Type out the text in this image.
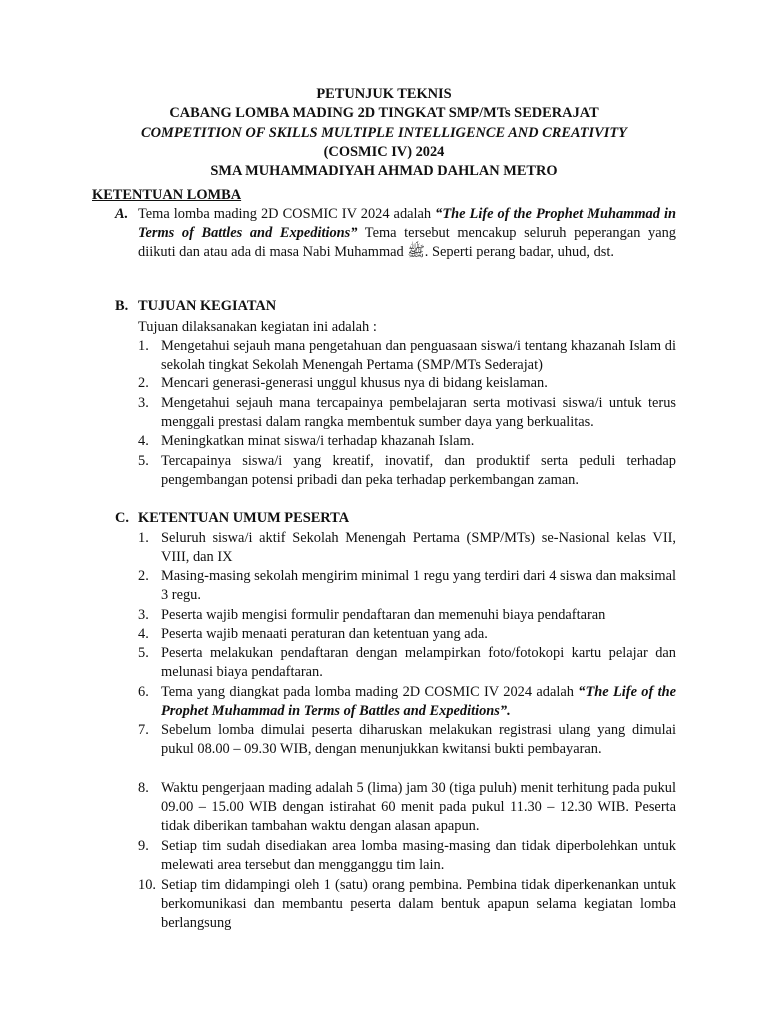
PETUNJUK TEKNIS
CABANG LOMBA MADING 2D TINGKAT SMP/MTs SEDERAJAT
COMPETITION OF SKILLS MULTIPLE INTELLIGENCE AND CREATIVITY
(COSMIC IV) 2024
SMA MUHAMMADIYAH AHMAD DAHLAN METRO
KETENTUAN LOMBA
A. Tema lomba mading 2D COSMIC IV 2024 adalah “The Life of the Prophet Muhammad in Terms of Battles and Expeditions” Tema tersebut mencakup seluruh peperangan yang diikuti dan atau ada di masa Nabi Muhammad ﷺ. Seperti perang badar, uhud, dst.

B. TUJUAN KEGIATAN
Tujuan dilaksanakan kegiatan ini adalah :
1. Mengetahui sejauh mana pengetahuan dan penguasaan siswa/i tentang khazanah Islam di sekolah tingkat Sekolah Menengah Pertama (SMP/MTs Sederajat)
2. Mencari generasi-generasi unggul khusus nya di bidang keislaman.
3. Mengetahui sejauh mana tercapainya pembelajaran serta motivasi siswa/i untuk terus menggali prestasi dalam rangka membentuk sumber daya yang berkualitas.
4. Meningkatkan minat siswa/i terhadap khazanah Islam.
5. Tercapainya siswa/i yang kreatif, inovatif, dan produktif serta peduli terhadap pengembangan potensi pribadi dan peka terhadap perkembangan zaman.
C. KETENTUAN UMUM PESERTA
1. Seluruh siswa/i aktif Sekolah Menengah Pertama (SMP/MTs) se-Nasional kelas VII, VIII, dan IX
2. Masing-masing sekolah mengirim minimal 1 regu yang terdiri dari 4 siswa dan maksimal 3 regu.
3. Peserta wajib mengisi formulir pendaftaran dan memenuhi biaya pendaftaran
4. Peserta wajib menaati peraturan dan ketentuan yang ada.
5. Peserta melakukan pendaftaran dengan melampirkan foto/fotokopi kartu pelajar dan melunasi biaya pendaftaran.
6. Tema yang diangkat pada lomba mading 2D COSMIC IV 2024 adalah “The Life of the Prophet Muhammad in Terms of Battles and Expeditions”.
7. Sebelum lomba dimulai peserta diharuskan melakukan registrasi ulang yang dimulai pukul 08.00 – 09.30 WIB, dengan menunjukkan kwitansi bukti pembayaran.
8. Waktu pengerjaan mading adalah 5 (lima) jam 30 (tiga puluh) menit terhitung pada pukul 09.00 – 15.00 WIB dengan istirahat 60 menit pada pukul 11.30 – 12.30 WIB. Peserta tidak diberikan tambahan waktu dengan alasan apapun.
9. Setiap tim sudah disediakan area lomba masing-masing dan tidak diperbolehkan untuk melewati area tersebut dan mengganggu tim lain.
10. Setiap tim didampingi oleh 1 (satu) orang pembina. Pembina tidak diperkenankan untuk berkomunikasi dan membantu peserta dalam bentuk apapun selama kegiatan lomba berlangsung
